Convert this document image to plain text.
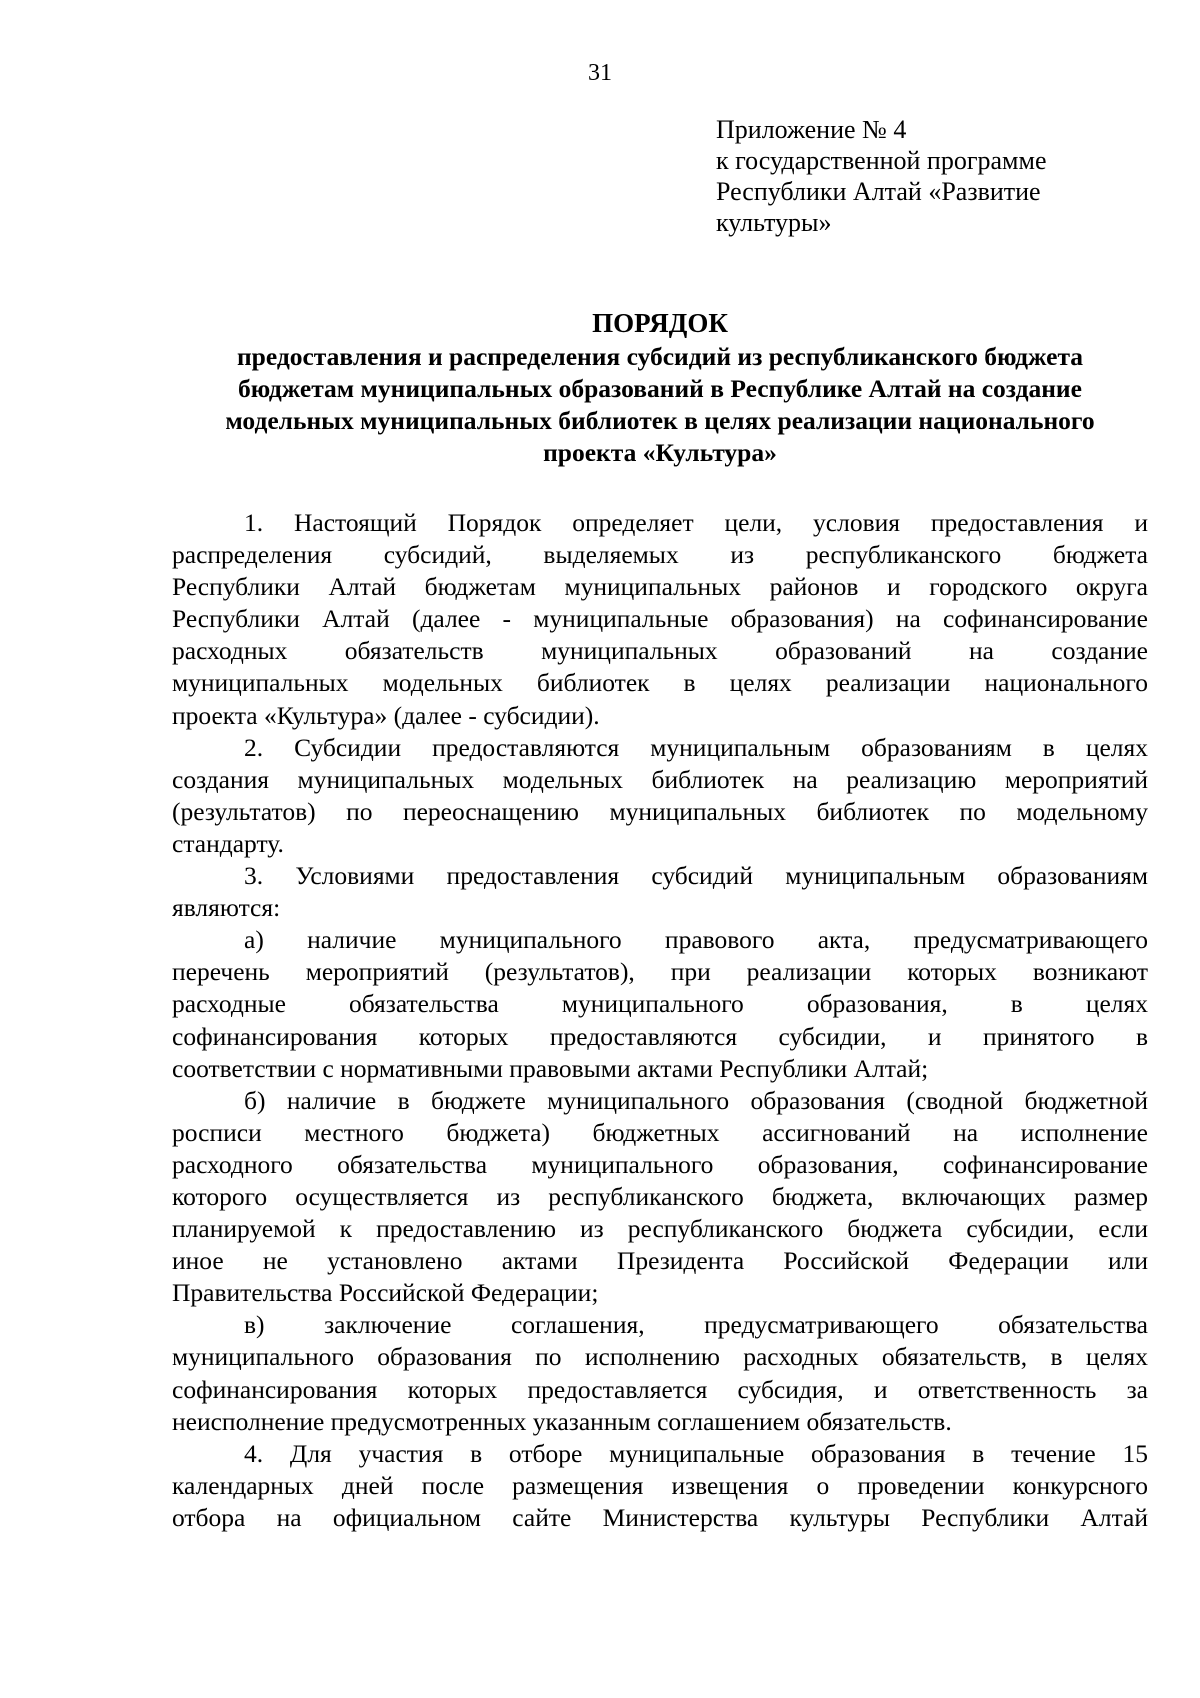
31
Приложение № 4
к государственной программе
Республики Алтай «Развитие
культуры»
ПОРЯДОК
предоставления и распределения субсидий из республиканского бюджета
бюджетам муниципальных образований в Республике Алтай на создание
модельных муниципальных библиотек в целях реализации национального
проекта «Культура»
1. Настоящий Порядок определяет цели, условия предоставления и
распределения субсидий, выделяемых из республиканского бюджета
Республики Алтай бюджетам муниципальных районов и городского округа
Республики Алтай (далее - муниципальные образования) на софинансирование
расходных обязательств муниципальных образований на создание
муниципальных модельных библиотек в целях реализации национального
проекта «Культура» (далее - субсидии).
2. Субсидии предоставляются муниципальным образованиям в целях
создания муниципальных модельных библиотек на реализацию мероприятий
(результатов) по переоснащению муниципальных библиотек по модельному
стандарту.
3. Условиями предоставления субсидий муниципальным образованиям
являются:
а) наличие муниципального правового акта, предусматривающего
перечень мероприятий (результатов), при реализации которых возникают
расходные обязательства муниципального образования, в целях
софинансирования которых предоставляются субсидии, и принятого в
соответствии с нормативными правовыми актами Республики Алтай;
б) наличие в бюджете муниципального образования (сводной бюджетной
росписи местного бюджета) бюджетных ассигнований на исполнение
расходного обязательства муниципального образования, софинансирование
которого осуществляется из республиканского бюджета, включающих размер
планируемой к предоставлению из республиканского бюджета субсидии, если
иное не установлено актами Президента Российской Федерации или
Правительства Российской Федерации;
в) заключение соглашения, предусматривающего обязательства
муниципального образования по исполнению расходных обязательств, в целях
софинансирования которых предоставляется субсидия, и ответственность за
неисполнение предусмотренных указанным соглашением обязательств.
4. Для участия в отборе муниципальные образования в течение 15
календарных дней после размещения извещения о проведении конкурсного
отбора на официальном сайте Министерства культуры Республики Алтай
